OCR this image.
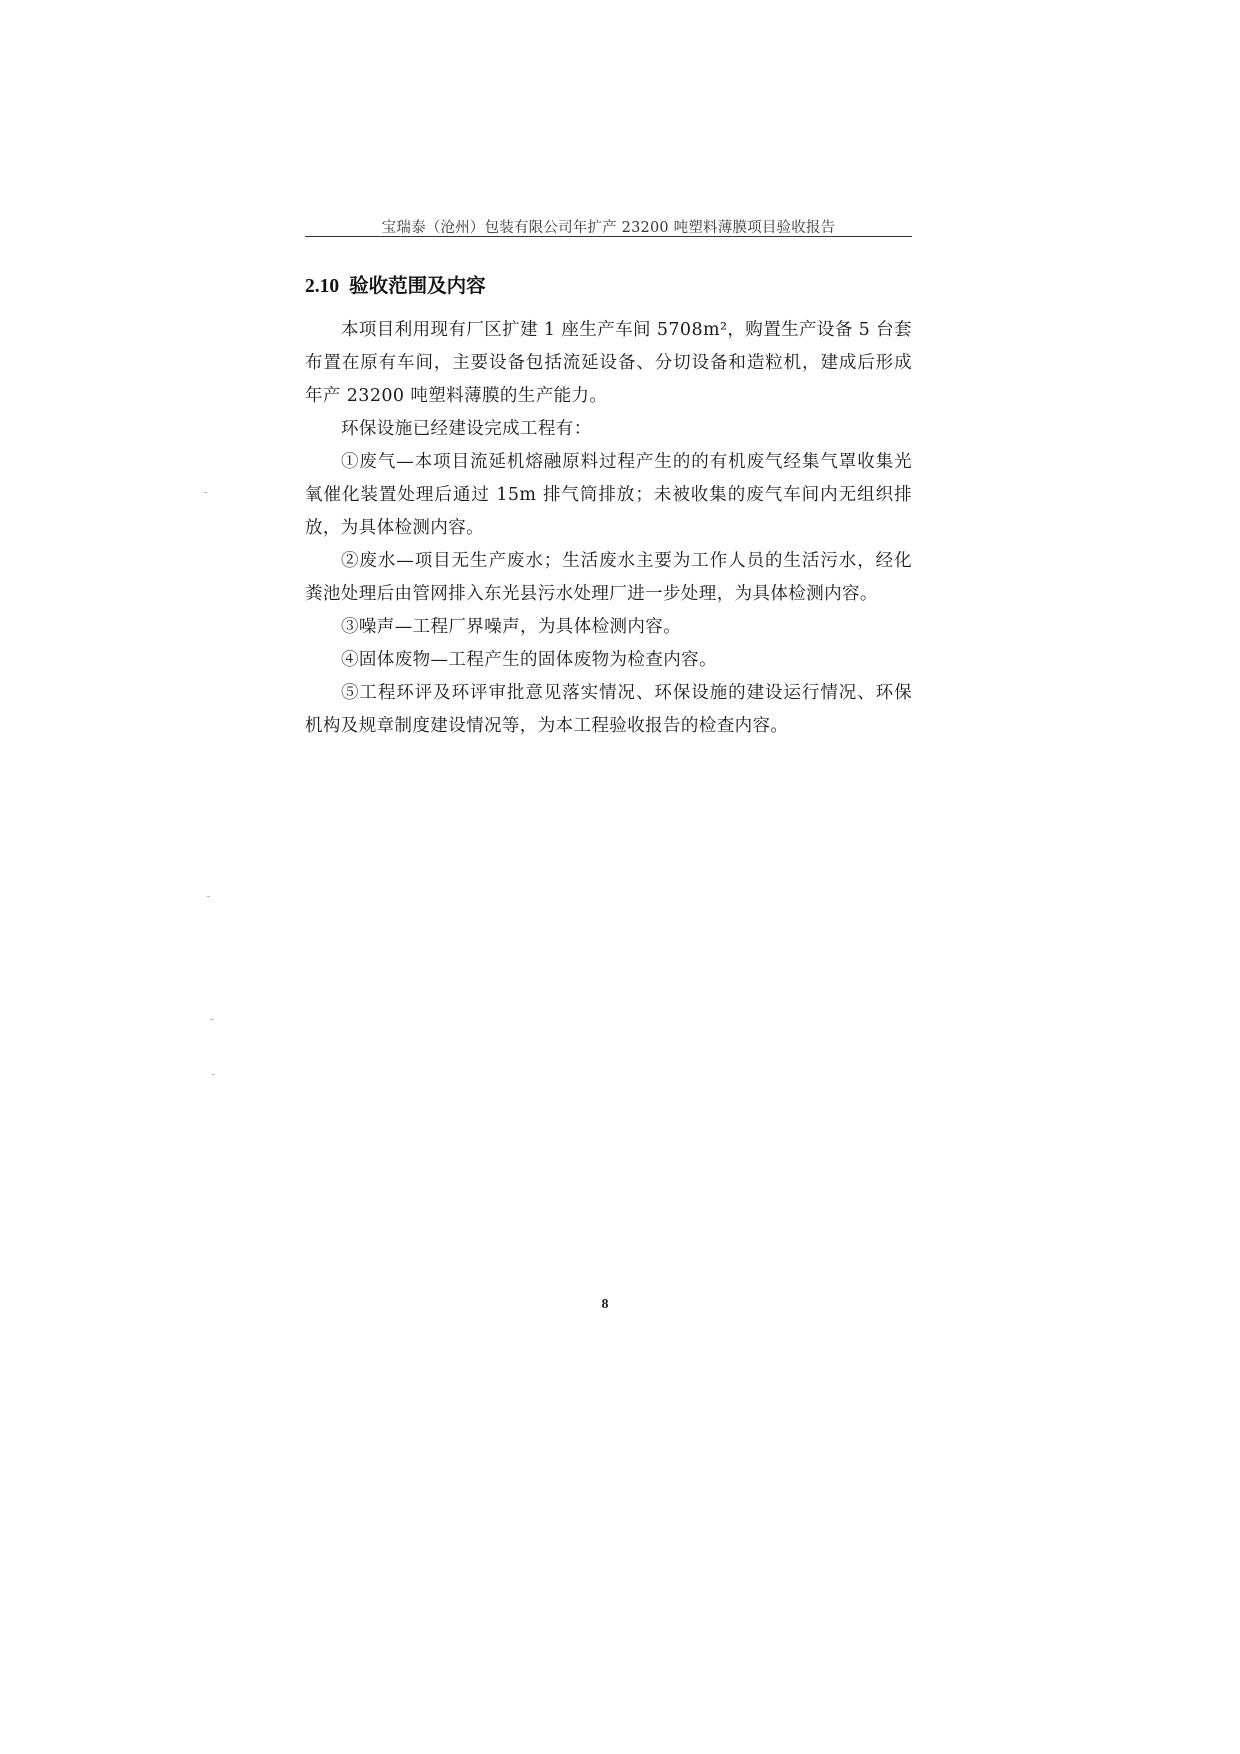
宝瑞泰（沧州）包装有限公司年扩产 23200 吨塑料薄膜项目验收报告
2.10 验收范围及内容

本项目利用现有厂区扩建 1 座生产车间 5708m²，购置生产设备 5 台套布置在原有车间，主要设备包括流延设备、分切设备和造粒机，建成后形成年产 23200 吨塑料薄膜的生产能力。

环保设施已经建设完成工程有：

①废气—本项目流延机熔融原料过程产生的的有机废气经集气罩收集光氧催化装置处理后通过 15m 排气筒排放；未被收集的废气车间内无组织排放，为具体检测内容。

②废水—项目无生产废水；生活废水主要为工作人员的生活污水，经化粪池处理后由管网排入东光县污水处理厂进一步处理，为具体检测内容。

③噪声—工程厂界噪声，为具体检测内容。

④固体废物—工程产生的固体废物为检查内容。

⑤工程环评及环评审批意见落实情况、环保设施的建设运行情况、环保机构及规章制度建设情况等，为本工程验收报告的检查内容。

8
